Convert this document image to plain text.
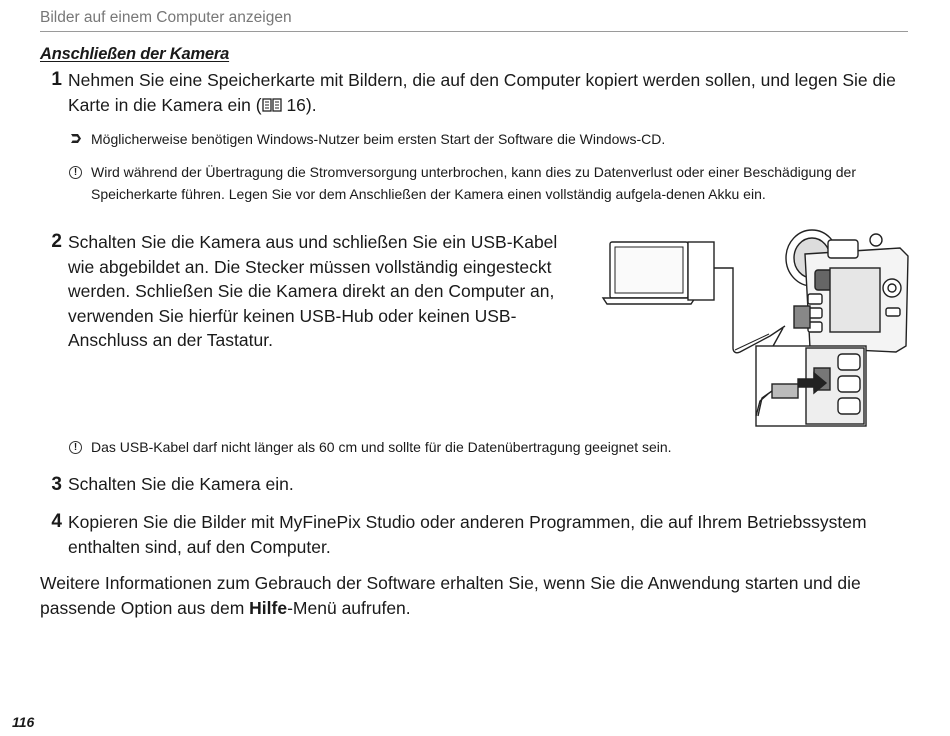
Bilder auf einem Computer anzeigen
Anschließen der Kamera
1 Nehmen Sie eine Speicherkarte mit Bildern, die auf den Computer kopiert werden sollen, und legen Sie die Karte in die Kamera ein ( 16).
Möglicherweise benötigen Windows-Nutzer beim ersten Start der Software die Windows-CD.
! Wird während der Übertragung die Stromversorgung unterbrochen, kann dies zu Datenverlust oder einer Beschädigung der Speicherkarte führen. Legen Sie vor dem Anschließen der Kamera einen vollständig aufgela-denen Akku ein.
2 Schalten Sie die Kamera aus und schließen Sie ein USB-Kabel wie abgebildet an. Die Stecker müssen vollständig eingesteckt werden. Schließen Sie die Kamera direkt an den Computer an, verwenden Sie hierfür keinen USB-Hub oder keinen USB-Anschluss an der Tastatur.
! Das USB-Kabel darf nicht länger als 60 cm und sollte für die Datenübertragung geeignet sein.
3 Schalten Sie die Kamera ein.
4 Kopieren Sie die Bilder mit MyFinePix Studio oder anderen Programmen, die auf Ihrem Betriebssystem enthalten sind, auf den Computer.
Weitere Informationen zum Gebrauch der Software erhalten Sie, wenn Sie die Anwendung starten und die passende Option aus dem Hilfe-Menü aufrufen.
116
